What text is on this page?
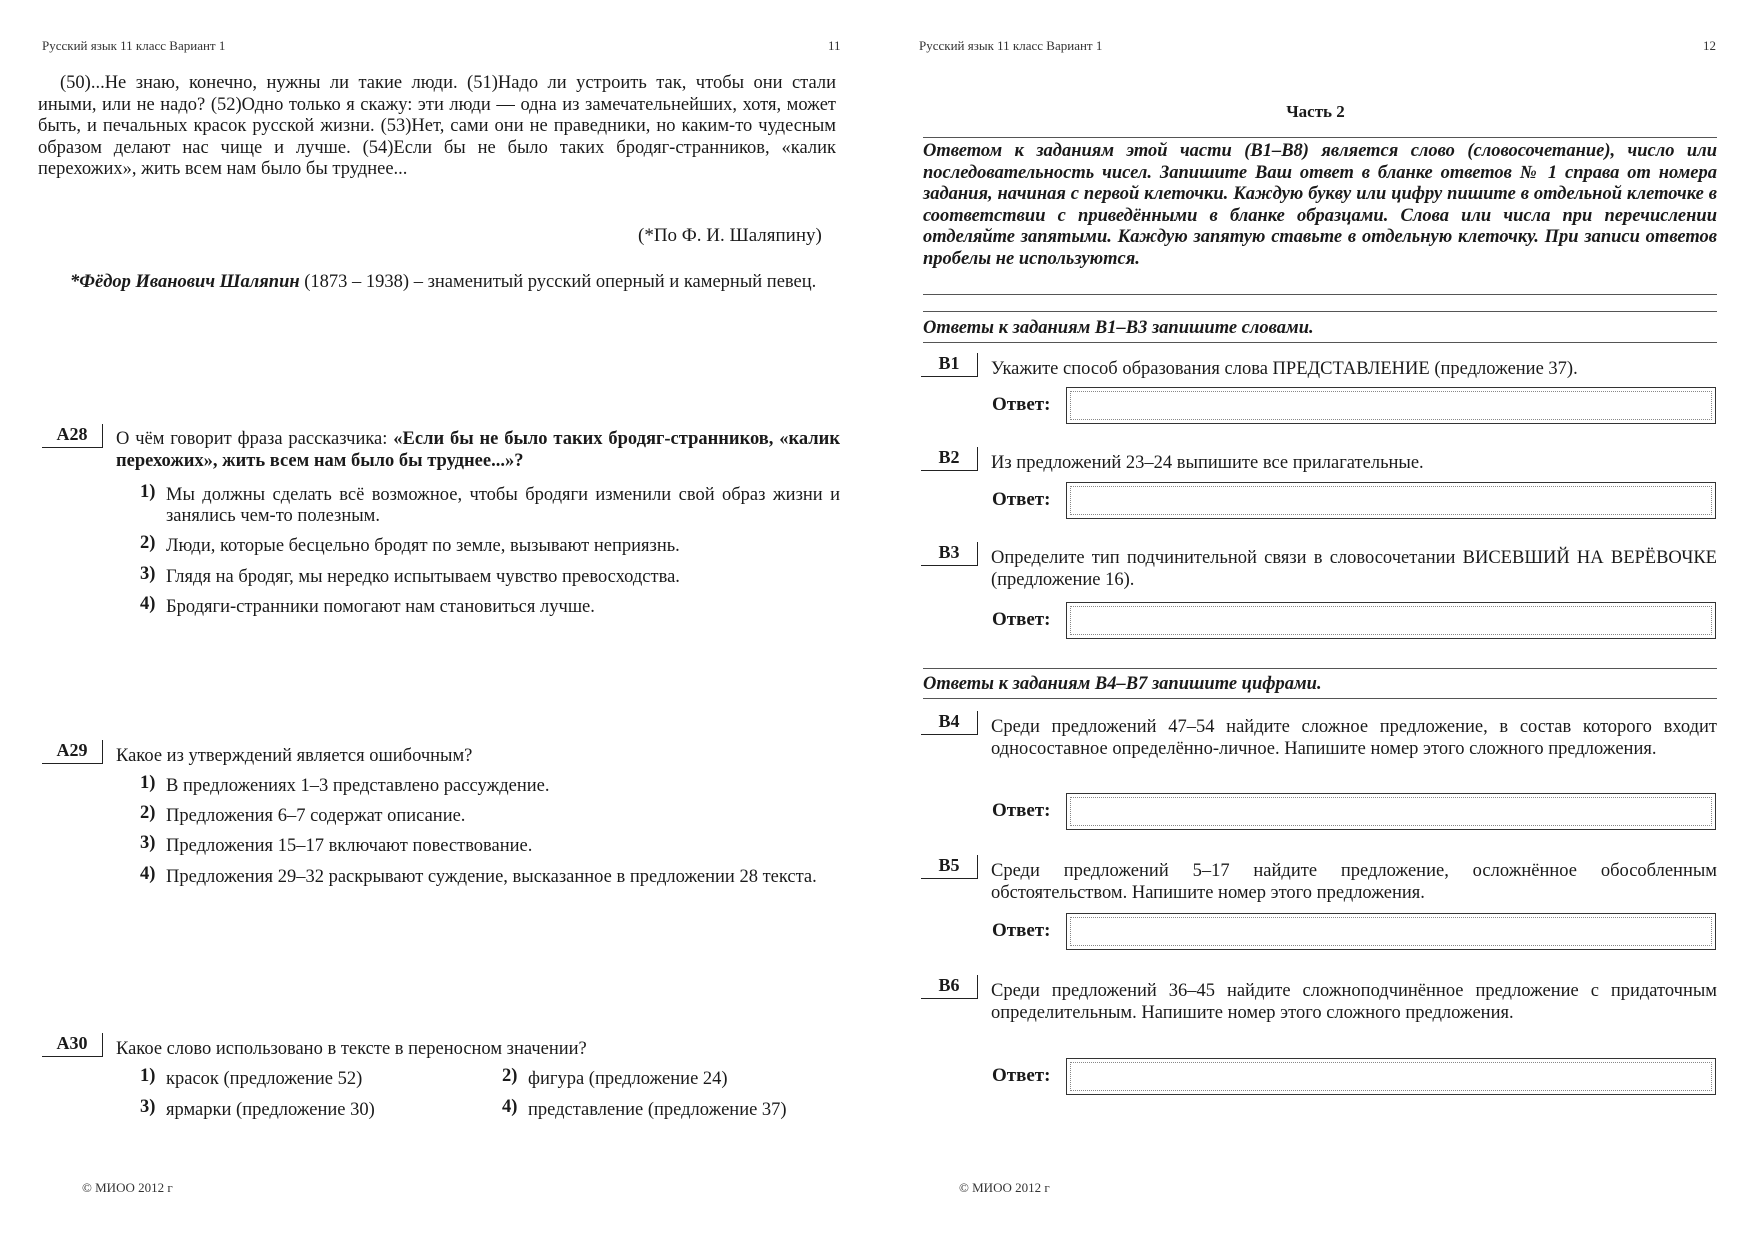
Русский язык 11 класс Вариант 1	11
(50)...Не знаю, конечно, нужны ли такие люди. (51)Надо ли устроить так, чтобы они стали иными, или не надо? (52)Одно только я скажу: эти люди — одна из замечательнейших, хотя, может быть, и печальных красок русской жизни. (53)Нет, сами они не праведники, но каким-то чудесным образом делают нас чище и лучше. (54)Если бы не было таких бродяг-странников, «калик перехожих», жить всем нам было бы труднее...
(*По Ф. И. Шаляпину)
*Фёдор Иванович Шаляпин (1873 – 1938) – знаменитый русский оперный и камерный певец.
A28	О чём говорит фраза рассказчика: «Если бы не было таких бродяг-странников, «калик перехожих», жить всем нам было бы труднее...»?
1) Мы должны сделать всё возможное, чтобы бродяги изменили свой образ жизни и занялись чем-то полезным.
2) Люди, которые бесцельно бродят по земле, вызывают неприязнь.
3) Глядя на бродяг, мы нередко испытываем чувство превосходства.
4) Бродяги-странники помогают нам становиться лучше.
A29	Какое из утверждений является ошибочным?
1) В предложениях 1–3 представлено рассуждение.
2) Предложения 6–7 содержат описание.
3) Предложения 15–17 включают повествование.
4) Предложения 29–32 раскрывают суждение, высказанное в предложении 28 текста.
A30	Какое слово использовано в тексте в переносном значении?
1) красок (предложение 52)	2) фигура (предложение 24)
3) ярмарки (предложение 30)	4) представление (предложение 37)
© МИОО 2012 г
Русский язык 11 класс Вариант 1	12
Часть 2
Ответом к заданиям этой части (В1–В8) является слово (словосочетание), число или последовательность чисел. Запишите Ваш ответ в бланке ответов № 1 справа от номера задания, начиная с первой клеточки. Каждую букву или цифру пишите в отдельной клеточке в соответствии с приведёнными в бланке образцами. Слова или числа при перечислении отделяйте запятыми. Каждую запятую ставьте в отдельную клеточку. При записи ответов пробелы не используются.
Ответы к заданиям В1–В3 запишите словами.
B1	Укажите способ образования слова ПРЕДСТАВЛЕНИЕ (предложение 37).
Ответ:
B2	Из предложений 23–24 выпишите все прилагательные.
Ответ:
B3	Определите тип подчинительной связи в словосочетании ВИСЕВШИЙ НА ВЕРЁВОЧКЕ (предложение 16).
Ответ:
Ответы к заданиям В4–В7 запишите цифрами.
B4	Среди предложений 47–54 найдите сложное предложение, в состав которого входит односоставное определённо-личное. Напишите номер этого сложного предложения.
Ответ:
B5	Среди предложений 5–17 найдите предложение, осложнённое обособленным обстоятельством. Напишите номер этого предложения.
Ответ:
B6	Среди предложений 36–45 найдите сложноподчинённое предложение с придаточным определительным. Напишите номер этого сложного предложения.
Ответ:
© МИОО 2012 г
